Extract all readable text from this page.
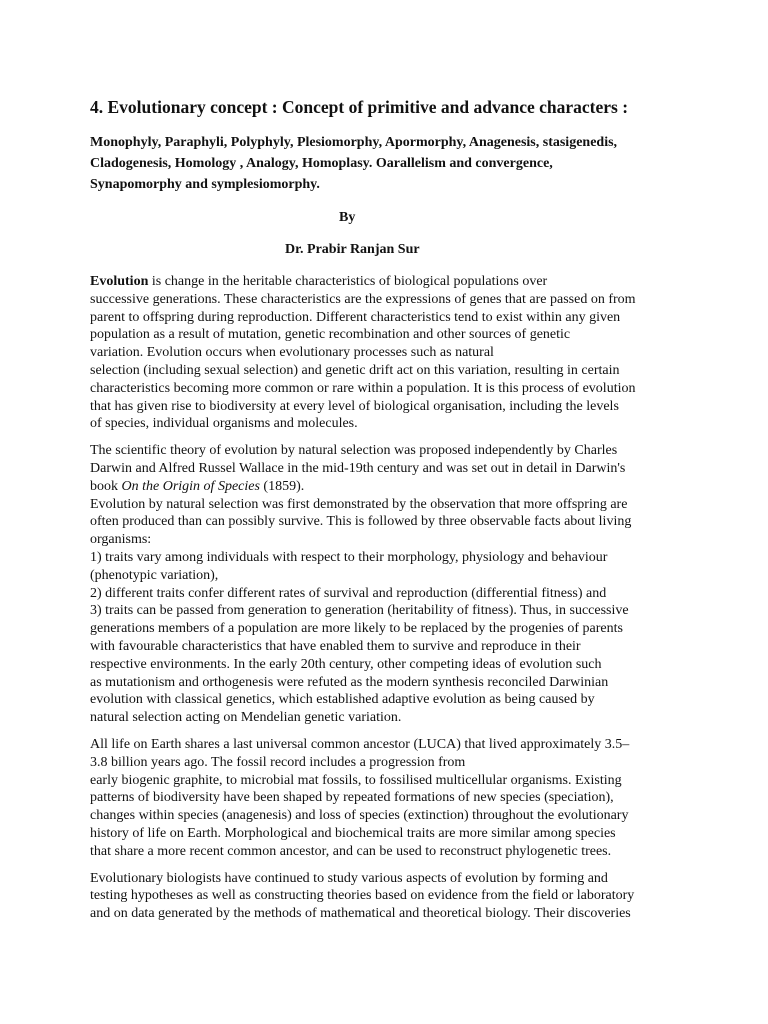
4. Evolutionary concept : Concept of primitive and advance characters :
Monophyly, Paraphyli, Polyphyly, Plesiomorphy, Apormorphy, Anagenesis, stasigenedis,
Cladogenesis, Homology , Analogy, Homoplasy. Oarallelism and convergence,
Synapomorphy and symplesiomorphy.
By
Dr. Prabir Ranjan Sur
Evolution is change in the heritable characteristics of biological populations over
successive generations. These characteristics are the expressions of genes that are passed on from
parent to offspring during reproduction. Different characteristics tend to exist within any given
population as a result of mutation, genetic recombination and other sources of genetic
variation. Evolution occurs when evolutionary processes such as natural
selection (including sexual selection) and genetic drift act on this variation, resulting in certain
characteristics becoming more common or rare within a population. It is this process of evolution
that has given rise to biodiversity at every level of biological organisation, including the levels
of species, individual organisms and molecules.
The scientific theory of evolution by natural selection was proposed independently by Charles
Darwin and Alfred Russel Wallace in the mid-19th century and was set out in detail in Darwin's
book On the Origin of Species (1859).
Evolution by natural selection was first demonstrated by the observation that more offspring are
often produced than can possibly survive. This is followed by three observable facts about living
organisms:
1) traits vary among individuals with respect to their morphology, physiology and behaviour
(phenotypic variation),
2) different traits confer different rates of survival and reproduction (differential fitness) and
3) traits can be passed from generation to generation (heritability of fitness). Thus, in successive
generations members of a population are more likely to be replaced by the progenies of parents
with favourable characteristics that have enabled them to survive and reproduce in their
respective environments. In the early 20th century, other competing ideas of evolution such
as mutationism and orthogenesis were refuted as the modern synthesis reconciled Darwinian
evolution with classical genetics, which established adaptive evolution as being caused by
natural selection acting on Mendelian genetic variation.
All life on Earth shares a last universal common ancestor (LUCA) that lived approximately 3.5–
3.8 billion years ago. The fossil record includes a progression from
early biogenic graphite, to microbial mat fossils, to fossilised multicellular organisms. Existing
patterns of biodiversity have been shaped by repeated formations of new species (speciation),
changes within species (anagenesis) and loss of species (extinction) throughout the evolutionary
history of life on Earth. Morphological and biochemical traits are more similar among species
that share a more recent common ancestor, and can be used to reconstruct phylogenetic trees.
Evolutionary biologists have continued to study various aspects of evolution by forming and
testing hypotheses as well as constructing theories based on evidence from the field or laboratory
and on data generated by the methods of mathematical and theoretical biology. Their discoveries
